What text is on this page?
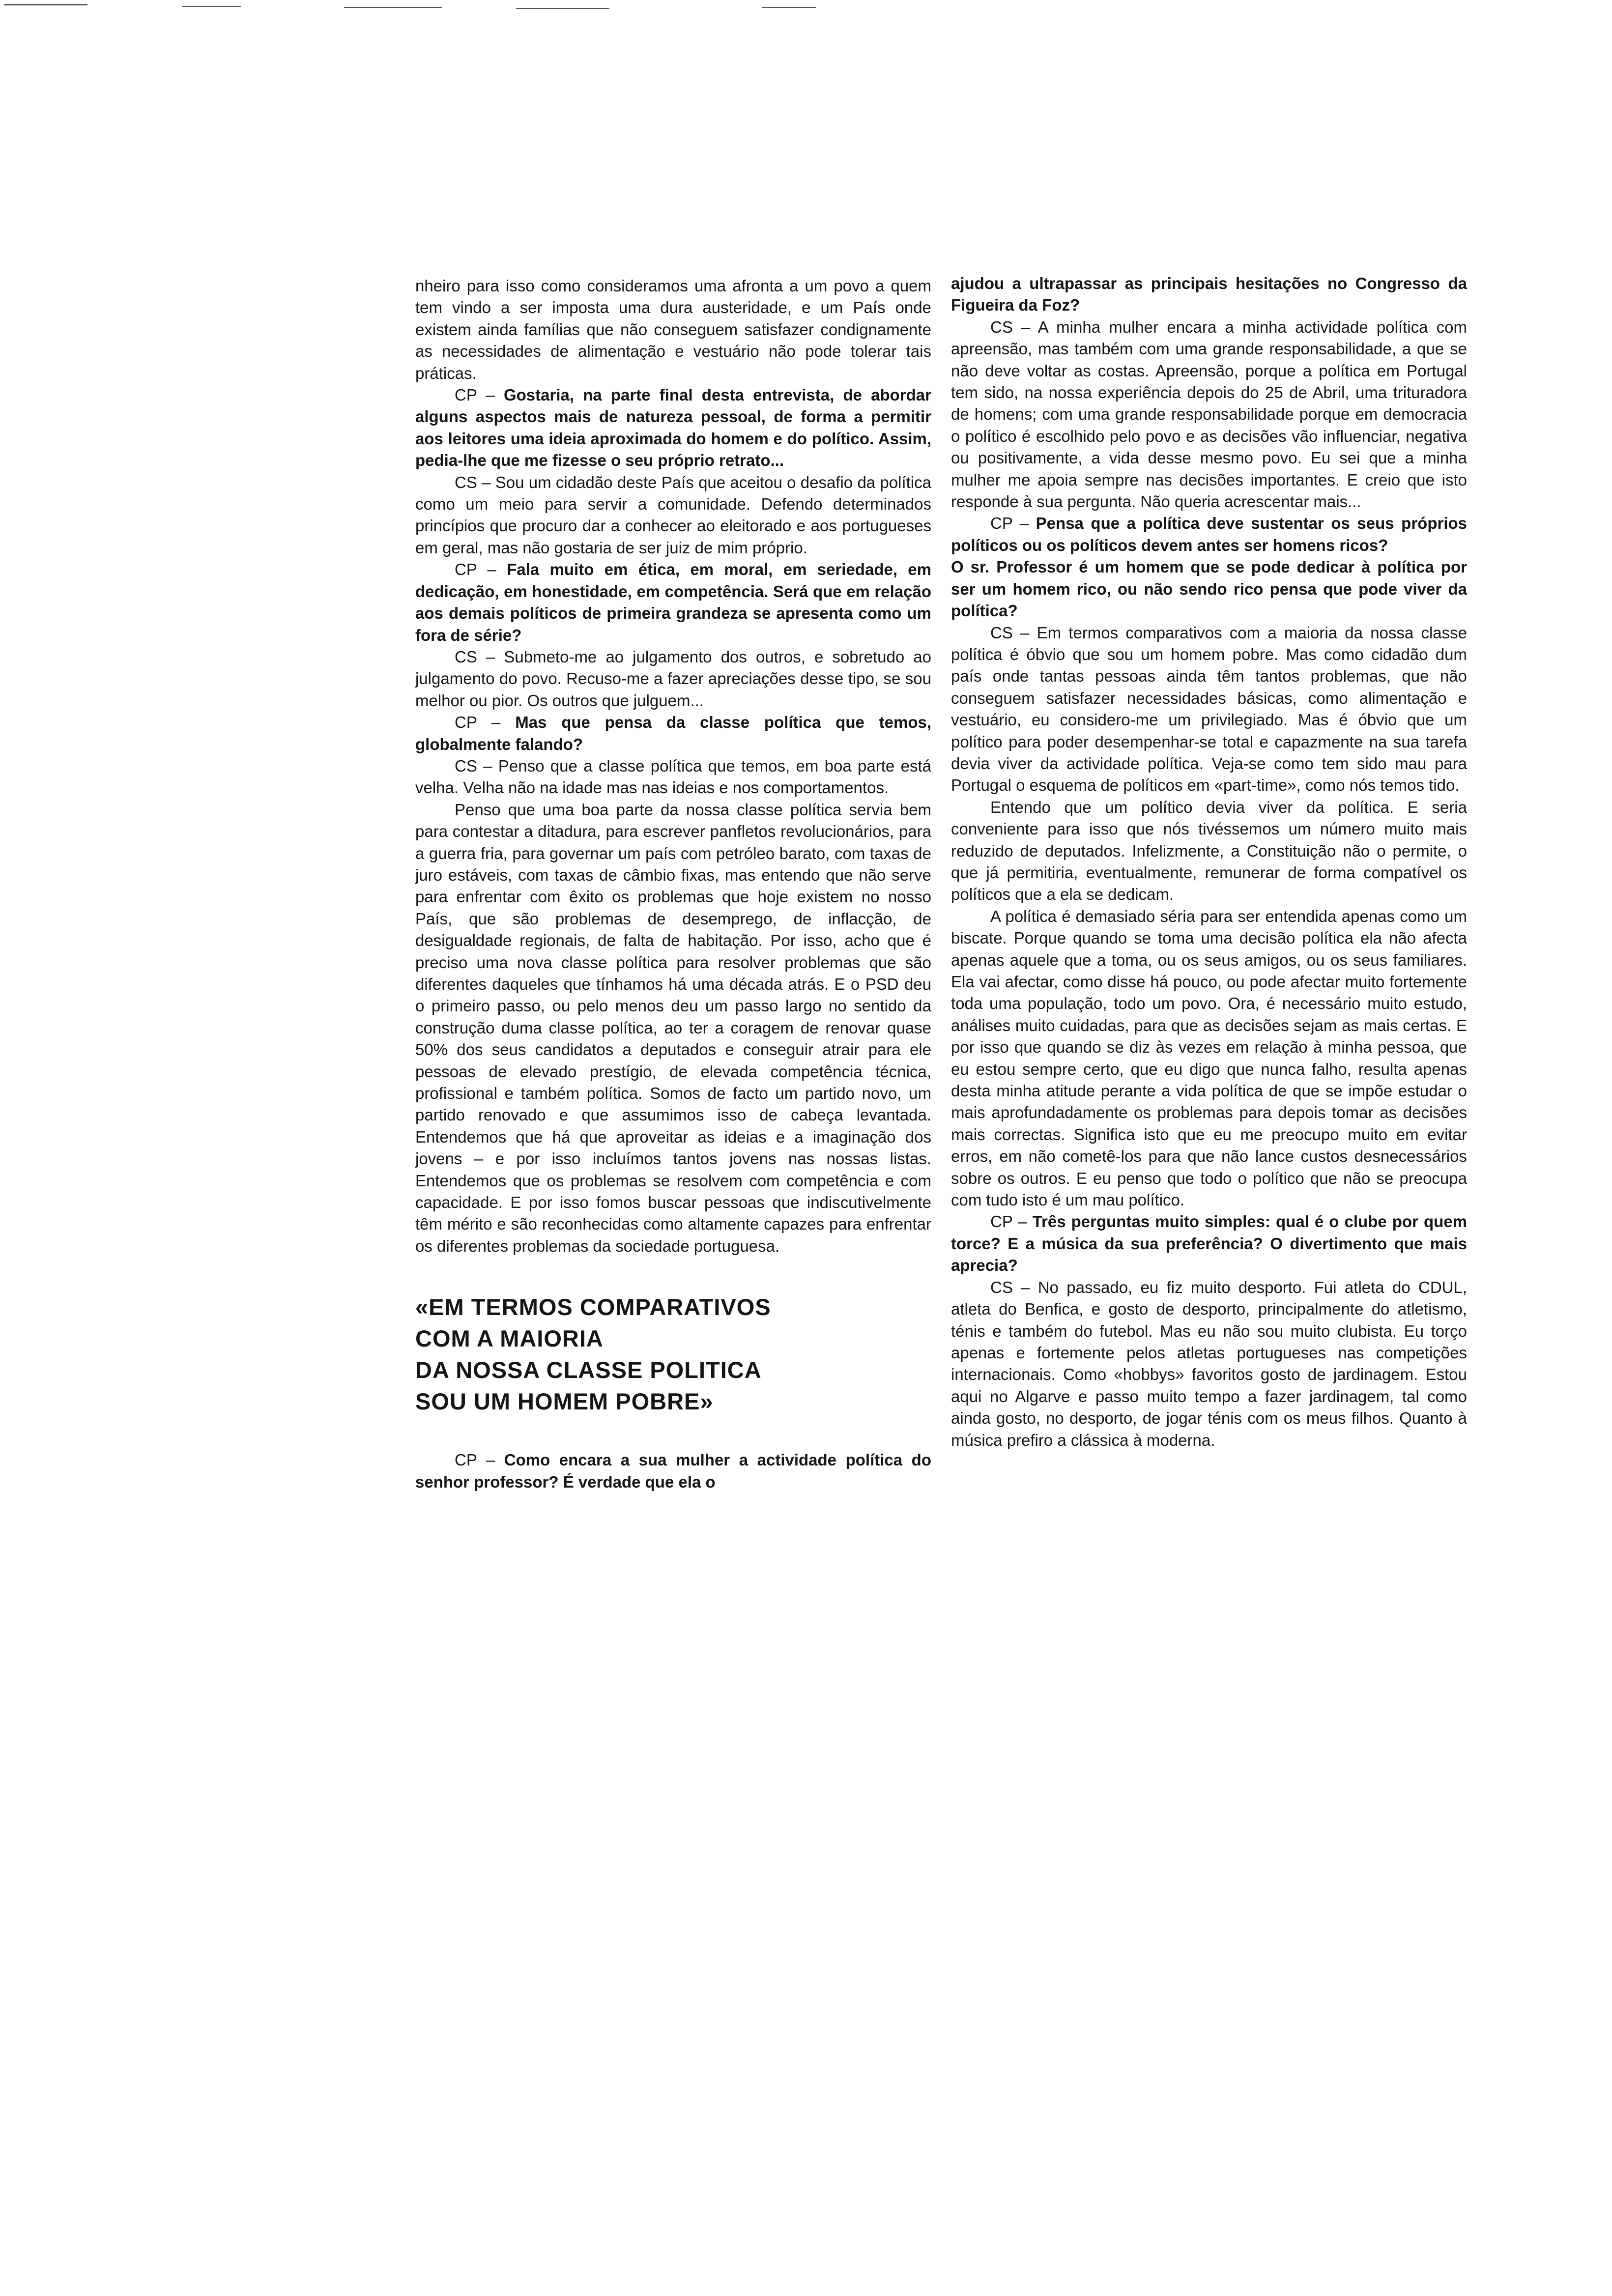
nheiro para isso como consideramos uma afronta a um povo a quem tem vindo a ser imposta uma dura austeridade, e um País onde existem ainda famílias que não conseguem satisfazer condignamente as necessidades de alimentação e vestuário não pode tolerar tais práticas.

CP – Gostaria, na parte final desta entrevista, de abordar alguns aspectos mais de natureza pessoal, de forma a permitir aos leitores uma ideia aproximada do homem e do político. Assim, pedia-lhe que me fizesse o seu próprio retrato...

CS – Sou um cidadão deste País que aceitou o desafio da política como um meio para servir a comunidade. Defendo determinados princípios que procuro dar a conhecer ao eleitorado e aos portugueses em geral, mas não gostaria de ser juiz de mim próprio.

CP – Fala muito em ética, em moral, em seriedade, em dedicação, em honestidade, em competência. Será que em relação aos demais políticos de primeira grandeza se apresenta como um fora de série?

CS – Submeto-me ao julgamento dos outros, e sobretudo ao julgamento do povo. Recuso-me a fazer apreciações desse tipo, se sou melhor ou pior. Os outros que julguem...

CP – Mas que pensa da classe política que temos, globalmente falando?

CS – Penso que a classe política que temos, em boa parte está velha. Velha não na idade mas nas ideias e nos comportamentos.

Penso que uma boa parte da nossa classe política servia bem para contestar a ditadura, para escrever panfletos revolucionários, para a guerra fria, para governar um país com petróleo barato, com taxas de juro estáveis, com taxas de câmbio fixas, mas entendo que não serve para enfrentar com êxito os problemas que hoje existem no nosso País, que são problemas de desemprego, de inflacção, de desigualdade regionais, de falta de habitação. Por isso, acho que é preciso uma nova classe política para resolver problemas que são diferentes daqueles que tínhamos há uma década atrás. E o PSD deu o primeiro passo, ou pelo menos deu um passo largo no sentido da construção duma classe política, ao ter a coragem de renovar quase 50% dos seus candidatos a deputados e conseguir atrair para ele pessoas de elevado prestígio, de elevada competência técnica, profissional e também política. Somos de facto um partido novo, um partido renovado e que assumimos isso de cabeça levantada. Entendemos que há que aproveitar as ideias e a imaginação dos jovens – e por isso incluímos tantos jovens nas nossas listas. Entendemos que os problemas se resolvem com competência e com capacidade. E por isso fomos buscar pessoas que indiscutivelmente têm mérito e são reconhecidas como altamente capazes para enfrentar os diferentes problemas da sociedade portuguesa.

«EM TERMOS COMPARATIVOS
COM A MAIORIA
DA NOSSA CLASSE POLITICA
SOU UM HOMEM POBRE»

CP – Como encara a sua mulher a actividade política do senhor professor? É verdade que ela o

ajudou a ultrapassar as principais hesitações no Congresso da Figueira da Foz?

CS – A minha mulher encara a minha actividade política com apreensão, mas também com uma grande responsabilidade, a que se não deve voltar as costas. Apreensão, porque a política em Portugal tem sido, na nossa experiência depois do 25 de Abril, uma trituradora de homens; com uma grande responsabilidade porque em democracia o político é escolhido pelo povo e as decisões vão influenciar, negativa ou positivamente, a vida desse mesmo povo. Eu sei que a minha mulher me apoia sempre nas decisões importantes. E creio que isto responde à sua pergunta. Não queria acrescentar mais...

CP – Pensa que a política deve sustentar os seus próprios políticos ou os políticos devem antes ser homens ricos?

O sr. Professor é um homem que se pode dedicar à política por ser um homem rico, ou não sendo rico pensa que pode viver da política?

CS – Em termos comparativos com a maioria da nossa classe política é óbvio que sou um homem pobre. Mas como cidadão dum país onde tantas pessoas ainda têm tantos problemas, que não conseguem satisfazer necessidades básicas, como alimentação e vestuário, eu considero-me um privilegiado. Mas é óbvio que um político para poder desempenhar-se total e capazmente na sua tarefa devia viver da actividade política. Veja-se como tem sido mau para Portugal o esquema de políticos em «part-time», como nós temos tido.

Entendo que um político devia viver da política. E seria conveniente para isso que nós tivéssemos um número muito mais reduzido de deputados. Infelizmente, a Constituição não o permite, o que já permitiria, eventualmente, remunerar de forma compatível os políticos que a ela se dedicam.

A política é demasiado séria para ser entendida apenas como um biscate. Porque quando se toma uma decisão política ela não afecta apenas aquele que a toma, ou os seus amigos, ou os seus familiares. Ela vai afectar, como disse há pouco, ou pode afectar muito fortemente toda uma população, todo um povo. Ora, é necessário muito estudo, análises muito cuidadas, para que as decisões sejam as mais certas. E por isso que quando se diz às vezes em relação à minha pessoa, que eu estou sempre certo, que eu digo que nunca falho, resulta apenas desta minha atitude perante a vida política de que se impõe estudar o mais aprofundadamente os problemas para depois tomar as decisões mais correctas. Significa isto que eu me preocupo muito em evitar erros, em não cometê-los para que não lance custos desnecessários sobre os outros. E eu penso que todo o político que não se preocupa com tudo isto é um mau político.

CP – Três perguntas muito simples: qual é o clube por quem torce? E a música da sua preferência? O divertimento que mais aprecia?

CS – No passado, eu fiz muito desporto. Fui atleta do CDUL, atleta do Benfica, e gosto de desporto, principalmente do atletismo, ténis e também do futebol. Mas eu não sou muito clubista. Eu torço apenas e fortemente pelos atletas portugueses nas competições internacionais. Como «hobbys» favoritos gosto de jardinagem. Estou aqui no Algarve e passo muito tempo a fazer jardinagem, tal como ainda gosto, no desporto, de jogar ténis com os meus filhos. Quanto à música prefiro a clássica à moderna.
